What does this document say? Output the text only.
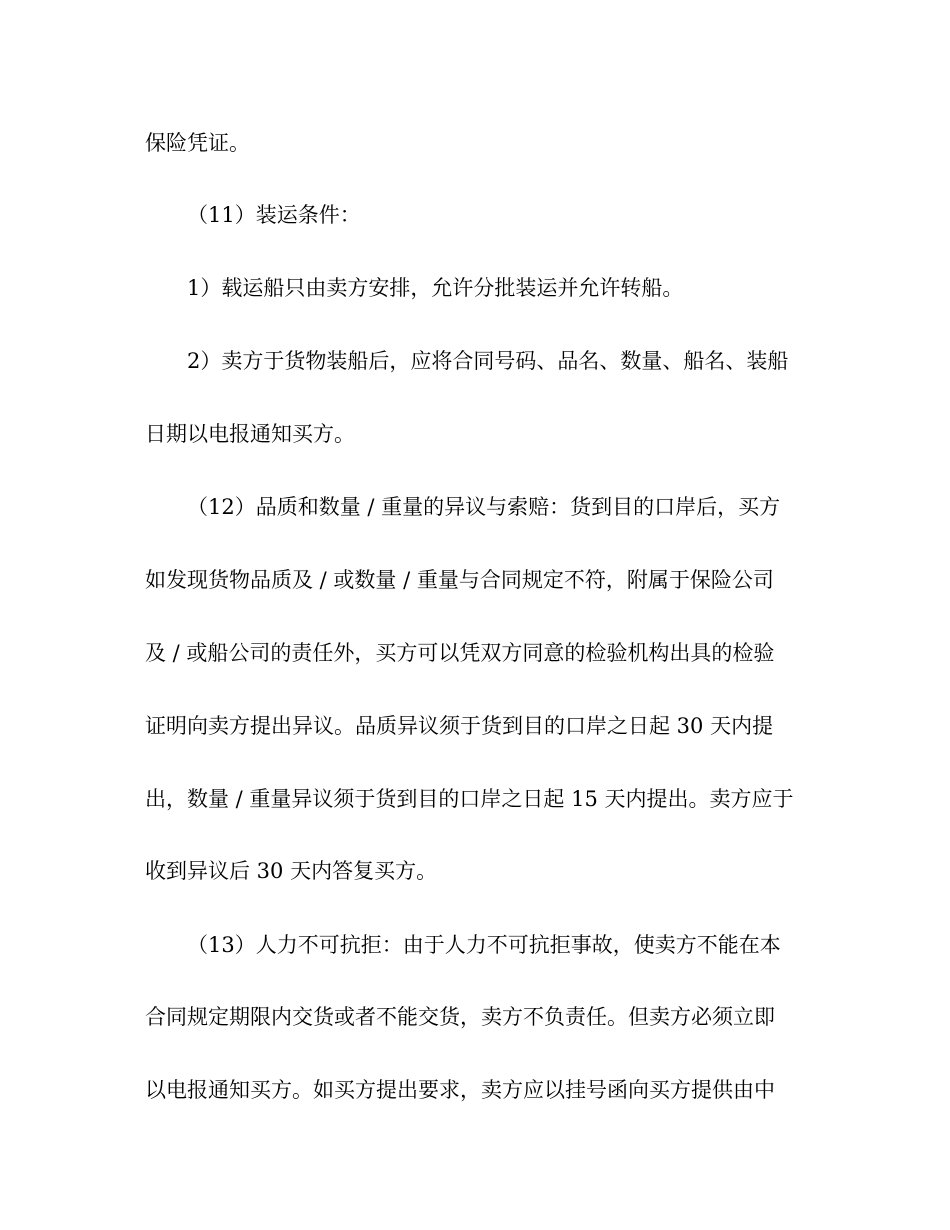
保险凭证。

（11）装运条件：

1）载运船只由卖方安排，允许分批装运并允许转船。

2）卖方于货物装船后，应将合同号码、品名、数量、船名、装船

日期以电报通知买方。

（12）品质和数量 / 重量的异议与索赔：货到目的口岸后，买方

如发现货物品质及 / 或数量 / 重量与合同规定不符，附属于保险公司

及 / 或船公司的责任外，买方可以凭双方同意的检验机构出具的检验

证明向卖方提出异议。品质异议须于货到目的口岸之日起 30 天内提

出，数量 / 重量异议须于货到目的口岸之日起 15 天内提出。卖方应于

收到异议后 30 天内答复买方。

（13）人力不可抗拒：由于人力不可抗拒事故，使卖方不能在本

合同规定期限内交货或者不能交货，卖方不负责任。但卖方必须立即

以电报通知买方。如买方提出要求，卖方应以挂号函向买方提供由中
